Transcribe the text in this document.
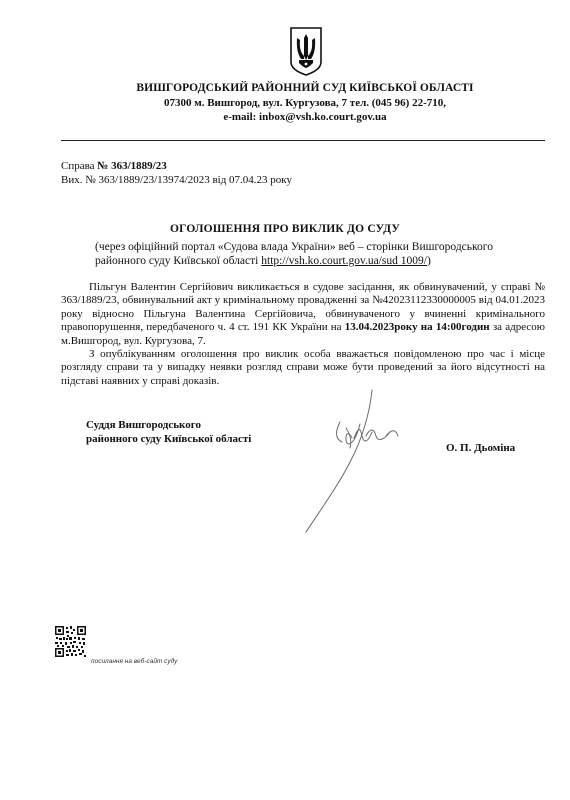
ВИШГОРОДСЬКИЙ РАЙОННИЙ СУД КИЇВСЬКОЇ ОБЛАСТІ
07300 м. Вишгород, вул. Кургузова, 7 тел. (045 96) 22-710,
e-mail: inbox@vsh.ko.court.gov.ua
Справа № 363/1889/23
Вих. № 363/1889/23/13974/2023 від 07.04.23 року
ОГОЛОШЕННЯ ПРО ВИКЛИК ДО СУДУ
(через офіційний портал «Судова влада України» веб – сторінки Вишгородського районного суду Київської області http://vsh.ko.court.gov.ua/sud 1009/)

Пільгун Валентин Сергійович викликається в судове засідання, як обвинувачений, у справі № 363/1889/23, обвинувальний акт у кримінальному провадженні за №42023112330000005 від 04.01.2023 року відносно Пільгуна Валентина Сергійовича, обвинуваченого у вчиненні кримінального правопорушення, передбаченого ч. 4 ст. 191 КК України на 13.04.2023року на 14:00годин за адресою м.Вишгород, вул. Кургузова, 7.

З опублікуванням оголошення про виклик особа вважається повідомленою про час і місце розгляду справи та у випадку неявки розгляд справи може бути проведений за його відсутності на підставі наявних у справі доказів.

Суддя Вишгородського
районного суду Київської області
О. П. Дьоміна
посилання на веб-сайт суду
